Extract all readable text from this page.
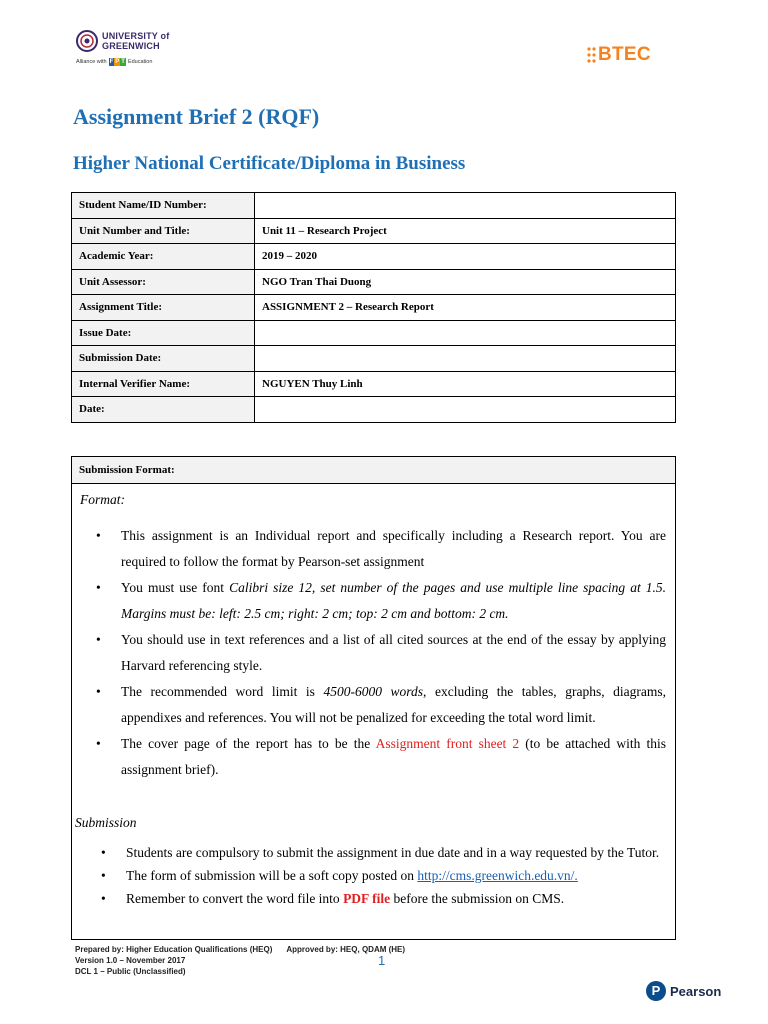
UNIVERSITY of
GREENWICH
Alliance with F P T Education	BTEC
Assignment Brief 2 (RQF)
Higher National Certificate/Diploma in Business
Student Name/ID Number:	
Unit Number and Title:	Unit 11 – Research Project
Academic Year:	2019 – 2020
Unit Assessor:	NGO Tran Thai Duong
Assignment Title:	ASSIGNMENT 2 – Research Report
Issue Date:	
Submission Date:	
Internal Verifier Name:	NGUYEN Thuy Linh
Date:	
Submission Format:
Format:
• This assignment is an Individual report and specifically including a Research report. You are required to follow the format by Pearson-set assignment
• You must use font Calibri size 12, set number of the pages and use multiple line spacing at 1.5. Margins must be: left: 2.5 cm; right: 2 cm; top: 2 cm and bottom: 2 cm.
• You should use in text references and a list of all cited sources at the end of the essay by applying Harvard referencing style.
• The recommended word limit is 4500-6000 words, excluding the tables, graphs, diagrams, appendixes and references. You will not be penalized for exceeding the total word limit.
• The cover page of the report has to be the Assignment front sheet 2 (to be attached with this assignment brief).
Submission
• Students are compulsory to submit the assignment in due date and in a way requested by the Tutor.
• The form of submission will be a soft copy posted on http://cms.greenwich.edu.vn/.
• Remember to convert the word file into PDF file before the submission on CMS.
Prepared by: Higher Education Qualifications (HEQ) Approved by: HEQ, QDAM (HE)
Version 1.0 – November 2017
DCL 1 – Public (Unclassified)
1
P Pearson
